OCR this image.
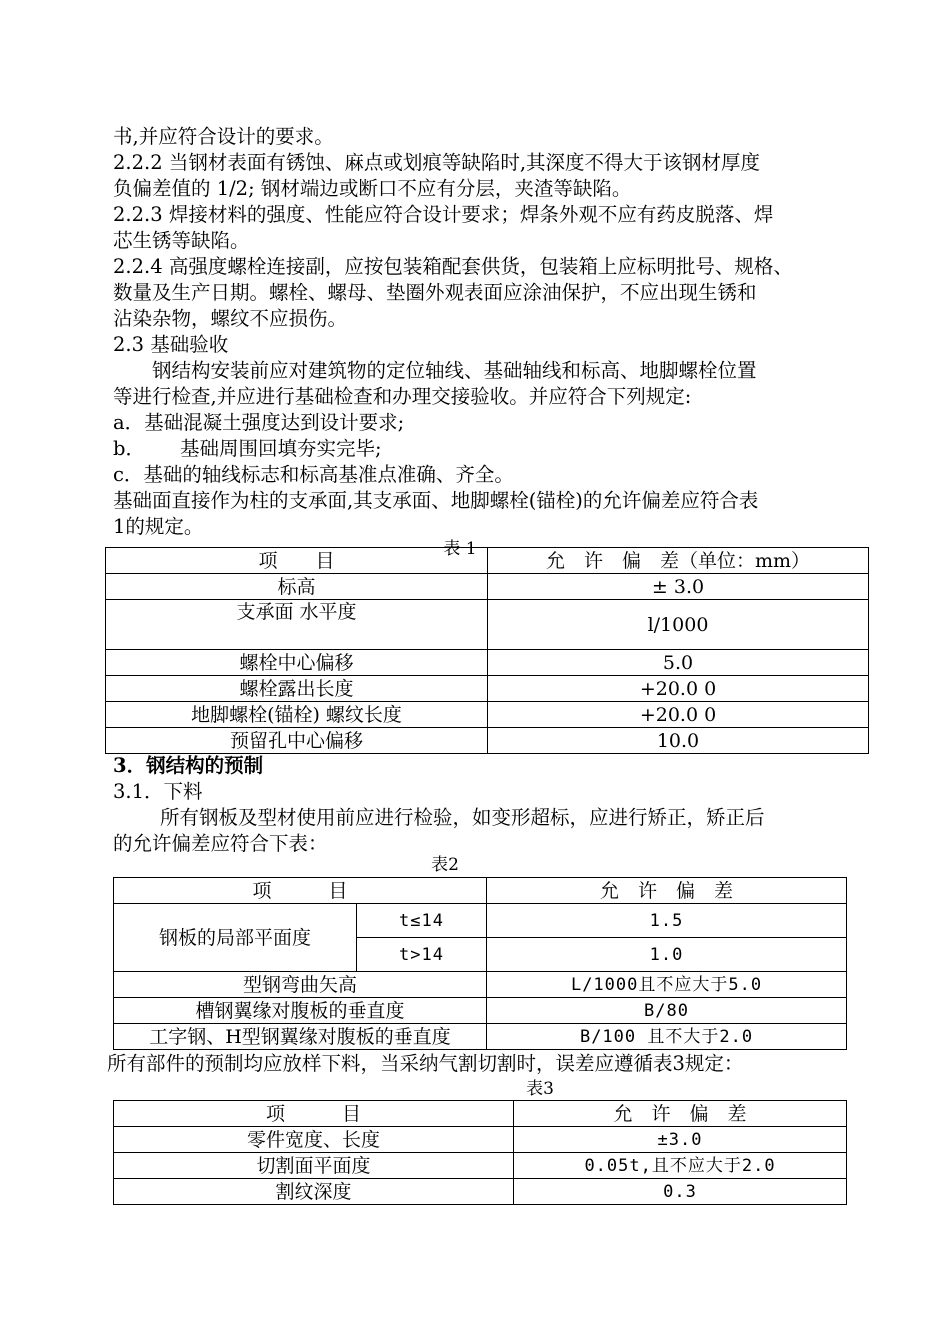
书,并应符合设计的要求。
2.2.2 当钢材表面有锈蚀、麻点或划痕等缺陷时,其深度不得大于该钢材厚度
负偏差值的 1/2; 钢材端边或断口不应有分层，夹渣等缺陷。
2.2.3 焊接材料的强度、性能应符合设计要求；焊条外观不应有药皮脱落、焊
芯生锈等缺陷。
2.2.4 高强度螺栓连接副，应按包装箱配套供货，包装箱上应标明批号、规格、
数量及生产日期。螺栓、螺母、垫圈外观表面应涂油保护，不应出现生锈和
沾染杂物，螺纹不应损伤。
2.3 基础验收
钢结构安装前应对建筑物的定位轴线、基础轴线和标高、地脚螺栓位置
等进行检查,并应进行基础检查和办理交接验收。并应符合下列规定:
a．基础混凝土强度达到设计要求;
b． 基础周围回填夯实完毕;
c．基础的轴线标志和标高基准点准确、齐全。
基础面直接作为柱的支承面,其支承面、地脚螺栓(锚栓)的允许偏差应符合表
1的规定。
表 1
项　　目	允　许　偏　差（单位：mm）
标高	± 3.0
支承面 水平度	l/1000
螺栓中心偏移	5.0
螺栓露出长度	+20.0 0
地脚螺栓(锚栓) 螺纹长度	+20.0 0
预留孔中心偏移	10.0
3．钢结构的预制
3.1．下料
所有钢板及型材使用前应进行检验，如变形超标，应进行矫正，矫正后
的允许偏差应符合下表：
表2
项　　　目		允　许　偏　差
钢板的局部平面度	t≤14	1.5
	t>14	1.0
型钢弯曲矢高		L/1000且不应大于5.0
槽钢翼缘对腹板的垂直度		B/80
工字钢、H型钢翼缘对腹板的垂直度		B/100 且不大于2.0
所有部件的预制均应放样下料，当采纳气割切割时，误差应遵循表3规定：
表3
项　　　目	允　许　偏　差
零件宽度、长度	±3.0
切割面平面度	0.05t,且不应大于2.0
割纹深度	0.3
